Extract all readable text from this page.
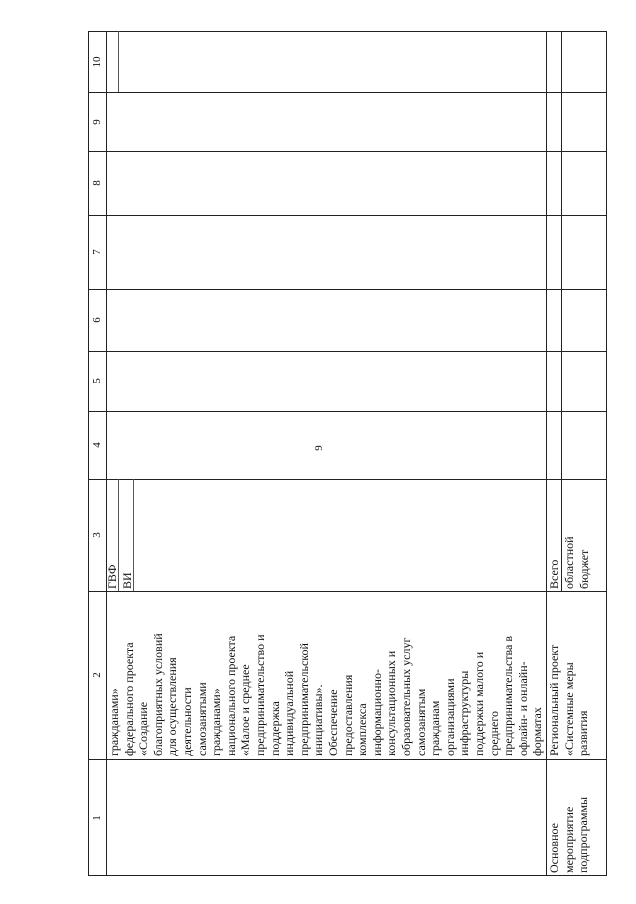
9
1
2
3
4
5
6
7
8
9
10
гражданами» федерального проекта «Создание благоприятных условий для осуществления деятельности самозанятыми гражданами» национального проекта «Малое и среднее предпринимательство и поддержка индивидуальной предпринимательской инициативы». Обеспечение предоставления комплекса информационно- консультационных и образовательных услуг самозанятым гражданам организациями инфраструктуры поддержки малого и среднего предпринимательства в офлайн- и онлайн- форматах
ГВФ ВИ
Основное мероприятие подпрограммы
Региональный проект «Системные меры развития
Всего областной бюджет
